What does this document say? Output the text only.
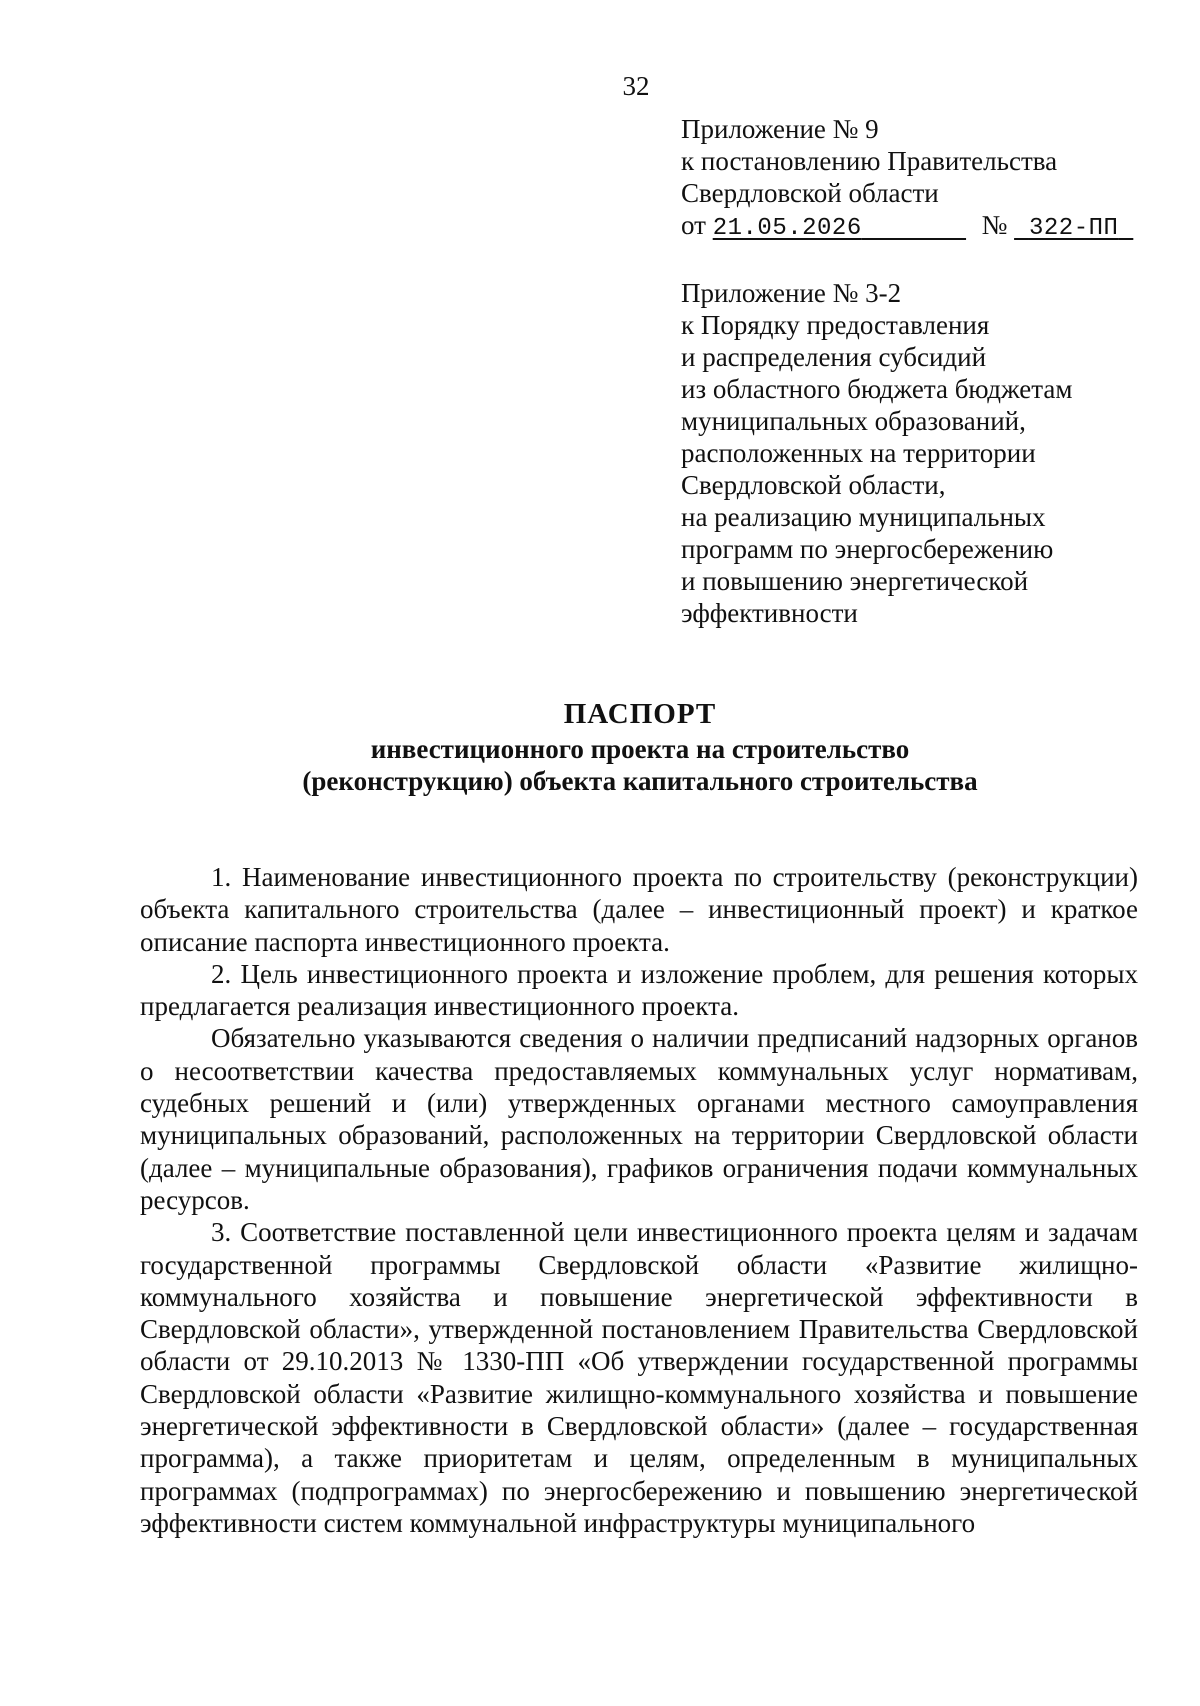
32
Приложение № 9
к постановлению Правительства
Свердловской области
от 21.05.2026	№ 322-ПП
Приложение № 3-2
к Порядку предоставления
и распределения субсидий
из областного бюджета бюджетам
муниципальных образований,
расположенных на территории
Свердловской области,
на реализацию муниципальных
программ по энергосбережению
и повышению энергетической
эффективности
ПАСПОРТ
инвестиционного проекта на строительство
(реконструкцию) объекта капитального строительства

1. Наименование инвестиционного проекта по строительству (реконструкции) объекта капитального строительства (далее – инвестиционный проект) и краткое описание паспорта инвестиционного проекта.

2. Цель инвестиционного проекта и изложение проблем, для решения которых предлагается реализация инвестиционного проекта.

Обязательно указываются сведения о наличии предписаний надзорных органов о несоответствии качества предоставляемых коммунальных услуг нормативам, судебных решений и (или) утвержденных органами местного самоуправления муниципальных образований, расположенных на территории Свердловской области (далее – муниципальные образования), графиков ограничения подачи коммунальных ресурсов.

3. Соответствие поставленной цели инвестиционного проекта целям и задачам государственной программы Свердловской области «Развитие жилищно-коммунального хозяйства и повышение энергетической эффективности в Свердловской области», утвержденной постановлением Правительства Свердловской области от 29.10.2013 № 1330-ПП «Об утверждении государственной программы Свердловской области «Развитие жилищно-коммунального хозяйства и повышение энергетической эффективности в Свердловской области» (далее – государственная программа), а также приоритетам и целям, определенным в муниципальных программах (подпрограммах) по энергосбережению и повышению энергетической эффективности систем коммунальной инфраструктуры муниципального
